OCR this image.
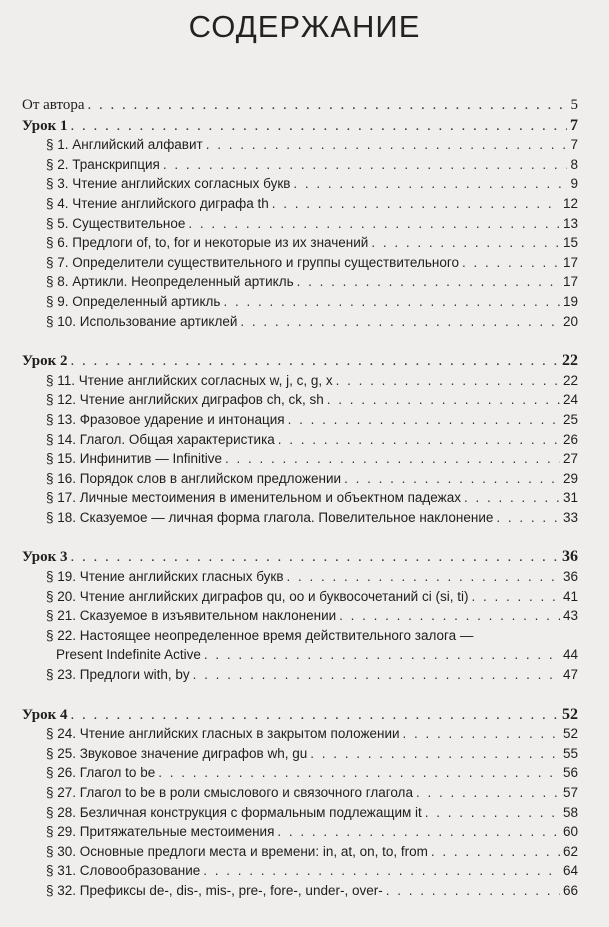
СОДЕРЖАНИЕ
От автора . . .	5
Урок 1 . . .	7
§ 1. Английский алфавит . . .	7
§ 2. Транскрипция . . .	8
§ 3. Чтение английских согласных букв . . .	9
§ 4. Чтение английского диграфа th . . .	12
§ 5. Существительное . . .	13
§ 6. Предлоги of, to, for и некоторые из их значений . . .	15
§ 7. Определители существительного и группы существительного . . .	17
§ 8. Артикли. Неопределенный артикль . . .	17
§ 9. Определенный артикль . . .	19
§ 10. Использование артиклей . . .	20
Урок 2 . . .	22
§ 11. Чтение английских согласных w, j, c, g, x . . .	22
§ 12. Чтение английских диграфов ch, ck, sh . . .	24
§ 13. Фразовое ударение и интонация . . .	25
§ 14. Глагол. Общая характеристика . . .	26
§ 15. Инфинитив — Infinitive . . .	27
§ 16. Порядок слов в английском предложении . . .	29
§ 17. Личные местоимения в именительном и объектном падежах . . .	31
§ 18. Сказуемое — личная форма глагола. Повелительное наклонение . . .	33
Урок 3 . . .	36
§ 19. Чтение английских гласных букв . . .	36
§ 20. Чтение английских диграфов qu, oo и буквосочетаний ci (si, ti) . . .	41
§ 21. Сказуемое в изъявительном наклонении . . .	43
§ 22. Настоящее неопределенное время действительного залога —
Present Indefinite Active . . .	44
§ 23. Предлоги with, by . . .	47
Урок 4 . . .	52
§ 24. Чтение английских гласных в закрытом положении . . .	52
§ 25. Звуковое значение диграфов wh, gu . . .	55
§ 26. Глагол to be . . .	56
§ 27. Глагол to be в роли смыслового и связочного глагола . . .	57
§ 28. Безличная конструкция с формальным подлежащим it . . .	58
§ 29. Притяжательные местоимения . . .	60
§ 30. Основные предлоги места и времени: in, at, on, to, from . . .	62
§ 31. Словообразование . . .	64
§ 32. Префиксы de-, dis-, mis-, pre-, fore-, under-, over- . . .	66
